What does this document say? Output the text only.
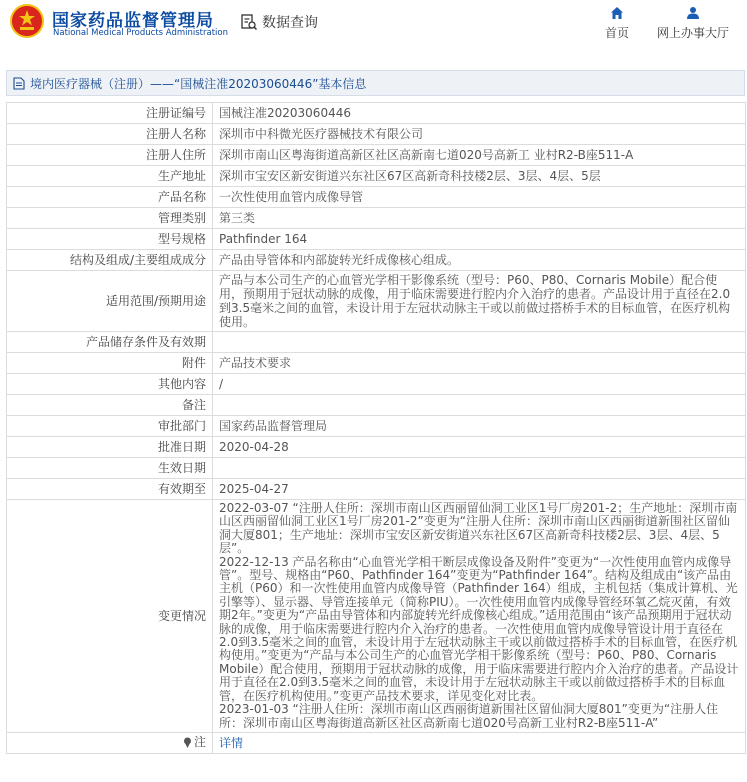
国家药品监督管理局
National Medical Products Administration
数据查询
首页	网上办事大厅
境内医疗器械（注册）——“国械注准20203060446”基本信息
注册证编号	国械注准20203060446
注册人名称	深圳市中科微光医疗器械技术有限公司
注册人住所	深圳市南山区粤海街道高新区社区高新南七道020号高新工 业村R2-B座511-A
生产地址	深圳市宝安区新安街道兴东社区67区高新奇科技楼2层、3层、4层、5层
产品名称	一次性使用血管内成像导管
管理类别	第三类
型号规格	Pathfinder 164
结构及组成/主要组成成分	产品由导管体和内部旋转光纤成像核心组成。
适用范围/预期用途	产品与本公司生产的心血管光学相干影像系统（型号：P60、P80、Cornaris Mobile）配合使用，预期用于冠状动脉的成像，用于临床需要进行腔内介入治疗的患者。产品设计用于直径在2.0到3.5毫米之间的血管，未设计用于左冠状动脉主干或以前做过搭桥手术的目标血管，在医疗机构使用。
产品储存条件及有效期	
附件	产品技术要求
其他内容	/
备注	
审批部门	国家药品监督管理局
批准日期	2020-04-28
生效日期	
有效期至	2025-04-27
变更情况	2022-03-07 “注册人住所：深圳市南山区西丽留仙洞工业区1号厂房201-2；生产地址：深圳市南山区西丽留仙洞工业区1号厂房201-2”变更为“注册人住所：深圳市南山区西丽街道新围社区留仙洞大厦801；生产地址：深圳市宝安区新安街道兴东社区67区高新奇科技楼2层、3层、4层、5层”。
2022-12-13 产品名称由“心血管光学相干断层成像设备及附件”变更为“一次性使用血管内成像导管”。型号、规格由“P60、Pathfinder 164”变更为“Pathfinder 164”。结构及组成由“该产品由主机（P60）和一次性使用血管内成像导管（Pathfinder 164）组成，主机包括（集成计算机、光引擎等）、显示器、导管连接单元（简称PIU）。一次性使用血管内成像导管经环氧乙烷灭菌，有效期2年。”变更为“产品由导管体和内部旋转光纤成像核心组成。”适用范围由“该产品预期用于冠状动脉的成像，用于临床需要进行腔内介入治疗的患者。一次性使用血管内成像导管设计用于直径在2.0到3.5毫米之间的血管，未设计用于左冠状动脉主干或以前做过搭桥手术的目标血管，在医疗机构使用。”变更为“产品与本公司生产的心血管光学相干影像系统（型号：P60、P80、Cornaris Mobile）配合使用，预期用于冠状动脉的成像，用于临床需要进行腔内介入治疗的患者。产品设计用于直径在2.0到3.5毫米之间的血管，未设计用于左冠状动脉主干或以前做过搭桥手术的目标血管，在医疗机构使用。”变更产品技术要求，详见变化对比表。
2023-01-03 “注册人住所：深圳市南山区西丽街道新围社区留仙洞大厦801”变更为“注册人住所：深圳市南山区粤海街道高新区社区高新南七道020号高新工业村R2-B座511-A”

注	详情
